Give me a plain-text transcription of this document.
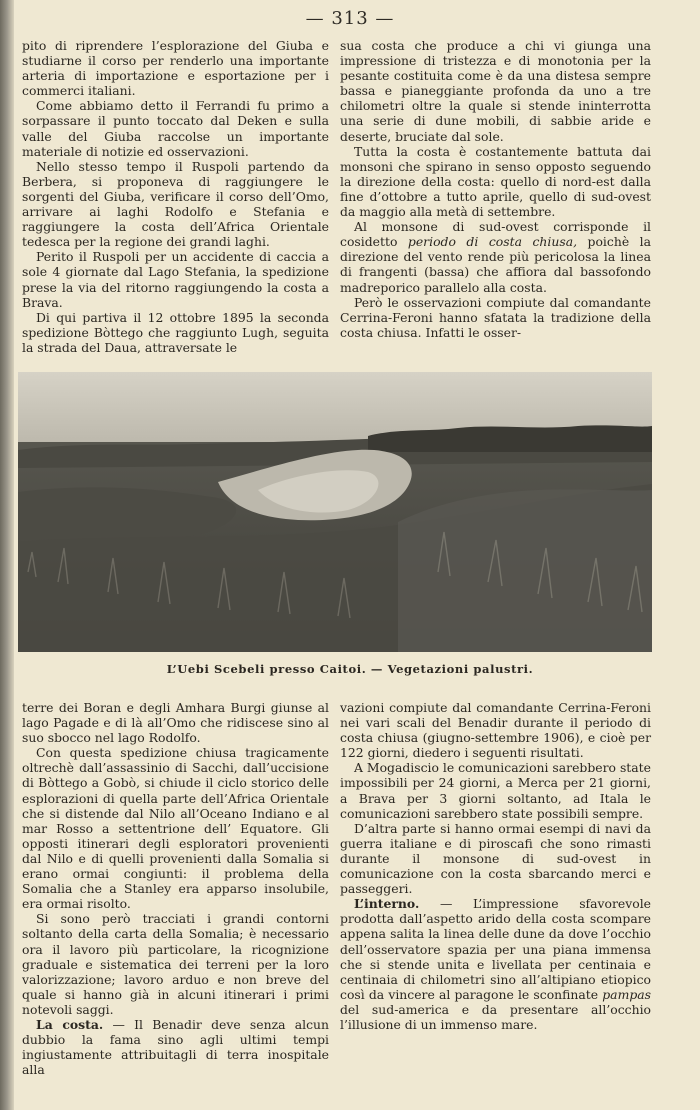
— 313 —

pito di riprendere l’esplorazione del Giuba e studiarne il corso per renderlo una importante arteria di importazione e esportazione per i commerci italiani.

Come abbiamo detto il Ferrandi fu primo a sorpassare il punto toccato dal Deken e sulla valle del Giuba raccolse un importante materiale di notizie ed osservazioni.

Nello stesso tempo il Ruspoli partendo da Berbera, si proponeva di raggiungere le sorgenti del Giuba, verificare il corso dell’Omo, arrivare ai laghi Rodolfo e Stefania e raggiungere la costa dell’Africa Orientale tedesca per la regione dei grandi laghi.

Perito il Ruspoli per un accidente di caccia a sole 4 giornate dal Lago Stefania, la spedizione prese la via del ritorno raggiungendo la costa a Brava.

Di qui partiva il 12 ottobre 1895 la seconda spedizione Bòttego che raggiunto Lugh, seguita la strada del Daua, attraversate le

sua costa che produce a chi vi giunga una impressione di tristezza e di monotonia per la pesante costituita come è da una distesa sempre bassa e pianeggiante profonda da uno a tre chilometri oltre la quale si stende ininterrotta una serie di dune mobili, di sabbie aride e deserte, bruciate dal sole.

Tutta la costa è costantemente battuta dai monsoni che spirano in senso opposto seguendo la direzione della costa: quello di nord-est dalla fine d’ottobre a tutto aprile, quello di sud-ovest da maggio alla metà di settembre.

Al monsone di sud-ovest corrisponde il cosidetto periodo di costa chiusa, poichè la direzione del vento rende più pericolosa la linea di frangenti (bassa) che affiora dal bassofondo madreporico parallelo alla costa.

Però le osservazioni compiute dal comandante Cerrina-Feroni hanno sfatata la tradizione della costa chiusa. Infatti le osser-

L’Uebi Scebeli presso Caitoi. — Vegetazioni palustri.

terre dei Boran e degli Amhara Burgi giunse al lago Pagade e di là all’Omo che ridiscese sino al suo sbocco nel lago Rodolfo.

Con questa spedizione chiusa tragicamente oltrechè dall’assassinio di Sacchi, dall’uccisione di Bòttego a Gobò, si chiude il ciclo storico delle esplorazioni di quella parte dell’Africa Orientale che si distende dal Nilo all’Oceano Indiano e al mar Rosso a settentrione dell’ Equatore. Gli opposti itinerari degli esploratori provenienti dal Nilo e di quelli provenienti dalla Somalia si erano ormai congiunti: il problema della Somalia che a Stanley era apparso insolubile, era ormai risolto.

Si sono però tracciati i grandi contorni soltanto della carta della Somalia; è necessario ora il lavoro più particolare, la ricognizione graduale e sistematica dei terreni per la loro valorizzazione; lavoro arduo e non breve del quale si hanno già in alcuni itinerari i primi notevoli saggi.

La costa. — Il Benadir deve senza alcun dubbio la fama sino agli ultimi tempi ingiustamente attribuitagli di terra inospitale alla

vazioni compiute dal comandante Cerrina-Feroni nei vari scali del Benadir durante il periodo di costa chiusa (giugno-settembre 1906), e cioè per 122 giorni, diedero i seguenti risultati.

A Mogadiscio le comunicazioni sarebbero state impossibili per 24 giorni, a Merca per 21 giorni, a Brava per 3 giorni soltanto, ad Itala le comunicazioni sarebbero state possibili sempre.

D’altra parte si hanno ormai esempi di navi da guerra italiane e di piroscafi che sono rimasti durante il monsone di sud-ovest in comunicazione con la costa sbarcando merci e passeggeri.

L’interno. — L’impressione sfavorevole prodotta dall’aspetto arido della costa scompare appena salita la linea delle dune da dove l’occhio dell’osservatore spazia per una piana immensa che si stende unita e livellata per centinaia e centinaia di chilometri sino all’altipiano etiopico così da vincere al paragone le sconfinate pampas del sud-america e da presentare all’occhio l’illusione di un immenso mare.
